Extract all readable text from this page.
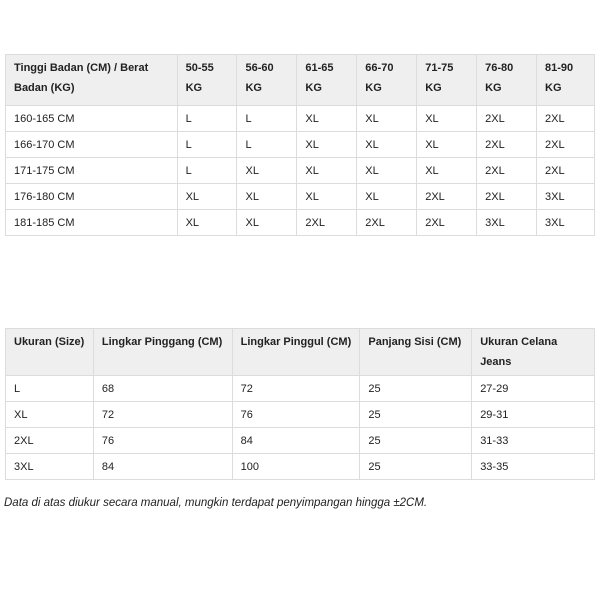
Tinggi Badan (CM) / Berat Badan (KG)	50-55 KG	56-60 KG	61-65 KG	66-70 KG	71-75 KG	76-80 KG	81-90 KG
160-165 CM	L	L	XL	XL	XL	2XL	2XL
166-170 CM	L	L	XL	XL	XL	2XL	2XL
171-175 CM	L	XL	XL	XL	XL	2XL	2XL
176-180 CM	XL	XL	XL	XL	2XL	2XL	3XL
181-185 CM	XL	XL	2XL	2XL	2XL	3XL	3XL
Ukuran (Size)	Lingkar Pinggang (CM)	Lingkar Pinggul (CM)	Panjang Sisi (CM)	Ukuran Celana Jeans
L	68	72	25	27-29
XL	72	76	25	29-31
2XL	76	84	25	31-33
3XL	84	100	25	33-35

Data di atas diukur secara manual, mungkin terdapat penyimpangan hingga ±2CM.
